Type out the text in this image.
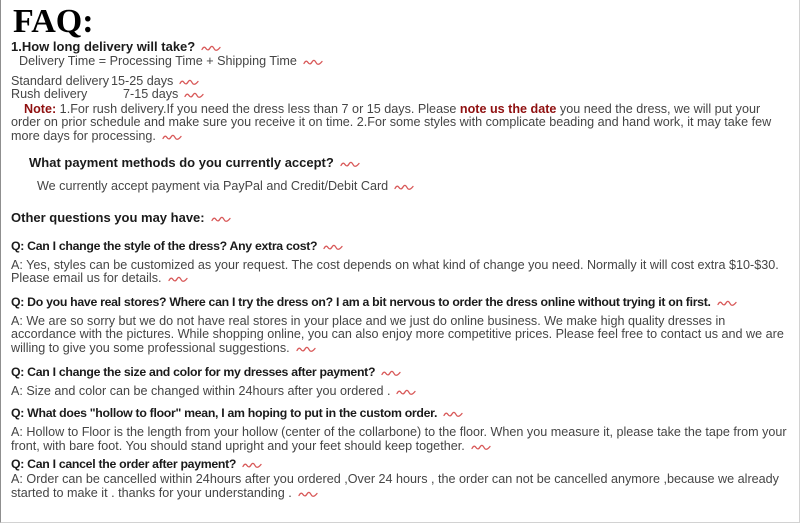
FAQ:

1.How long delivery will take?

Delivery Time = Processing Time + Shipping Time

Standard delivery 15-25 days
Rush delivery	7-15 days

Note: 1.For rush delivery.If you need the dress less than 7 or 15 days. Please note us the date you need the dress, we will put your order on prior schedule and make sure you receive it on time. 2.For some styles with complicate beading and hand work, it may take few more days for processing.

What payment methods do you currently accept?

We currently accept payment via PayPal and Credit/Debit Card

Other questions you may have:

Q: Can I change the style of the dress? Any extra cost?

A: Yes, styles can be customized as your request. The cost depends on what kind of change you need. Normally it will cost extra $10-$30. Please email us for details.

Q: Do you have real stores? Where can I try the dress on? I am a bit nervous to order the dress online without trying it on first.

A: We are so sorry but we do not have real stores in your place and we just do online business. We make high quality dresses in accordance with the pictures. While shopping online, you can also enjoy more competitive prices. Please feel free to contact us and we are willing to give you some professional suggestions.

Q: Can I change the size and color for my dresses after payment?

A: Size and color can be changed within 24hours after you ordered .

Q: What does "hollow to floor" mean, I am hoping to put in the custom order.

A: Hollow to Floor is the length from your hollow (center of the collarbone) to the floor. When you measure it, please take the tape from your front, with bare foot. You should stand upright and your feet should keep together.

Q: Can I cancel the order after payment?

A: Order can be cancelled within 24hours after you ordered ,Over 24 hours , the order can not be cancelled anymore ,because we already started to make it . thanks for your understanding .
